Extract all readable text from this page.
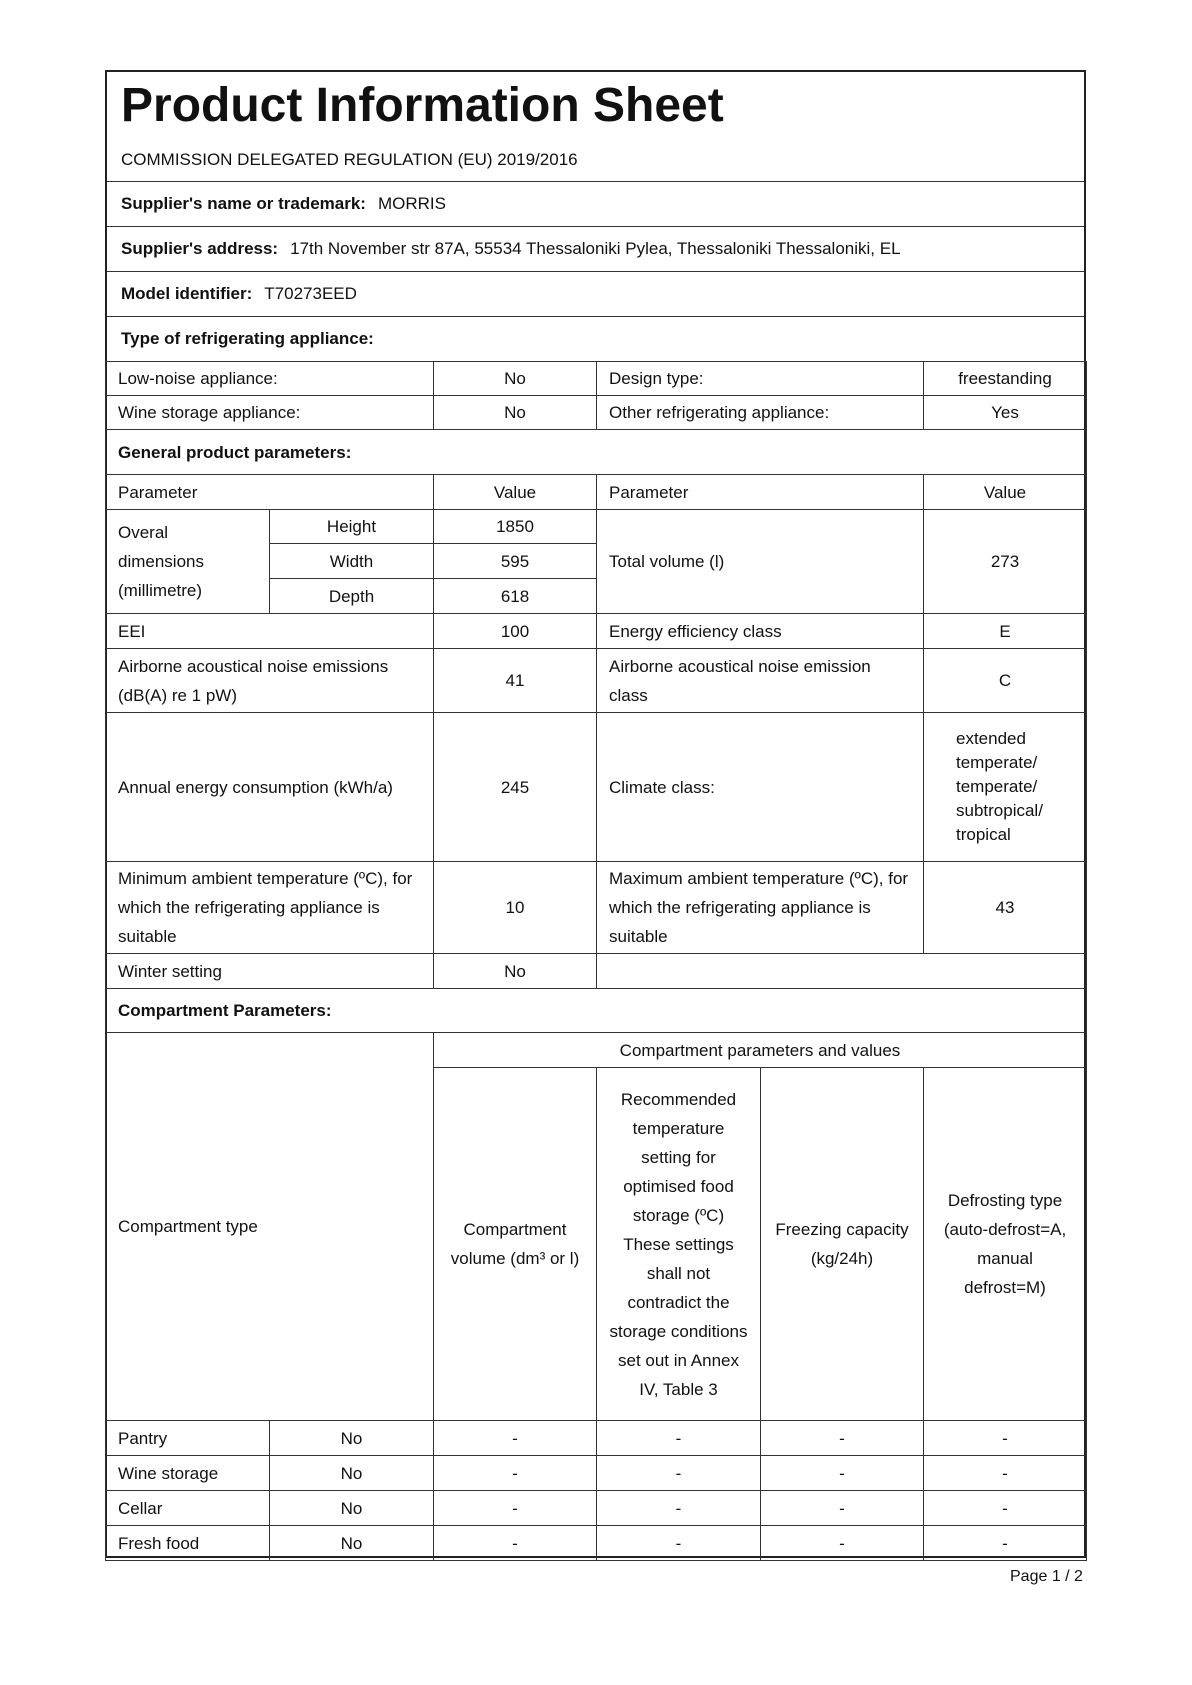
Product Information Sheet
COMMISSION DELEGATED REGULATION (EU) 2019/2016
Supplier's name or trademark: MORRIS
Supplier's address: 17th November str 87A, 55534 Thessaloniki Pylea, Thessaloniki Thessaloniki, EL
Model identifier: T70273EED
Type of refrigerating appliance:
Low-noise appliance:		No	Design type:		freestanding
Wine storage appliance:		No	Other refrigerating appliance:		Yes
General product parameters:					
Parameter		Value	Parameter		Value
Overal dimensions (millimetre)	Height	1850	Total volume (l)		273
	Width	595			
	Depth	618			
EEI		100	Energy efficiency class		E
Airborne acoustical noise emissions (dB(A) re 1 pW)		41	Airborne acoustical noise emission class		C
Annual energy consumption (kWh/a)		245	Climate class:		extended temperate/ temperate/ subtropical/ tropical
Minimum ambient temperature (ºC), for which the refrigerating appliance is suitable		10	Maximum ambient temperature (ºC), for which the refrigerating appliance is suitable		43
Winter setting		No			
Compartment Parameters:					
Compartment type		Compartment parameters and values			
		Compartment volume (dm³ or l)	Recommended temperature setting for optimised food storage (ºC) These settings shall not contradict the storage conditions set out in Annex IV, Table 3	Freezing capacity (kg/24h)	Defrosting type (auto-defrost=A, manual defrost=M)
Pantry	No	-	-	-	-
Wine storage	No	-	-	-	-
Cellar	No	-	-	-	-
Fresh food	No	-	-	-	-
Page 1 / 2
